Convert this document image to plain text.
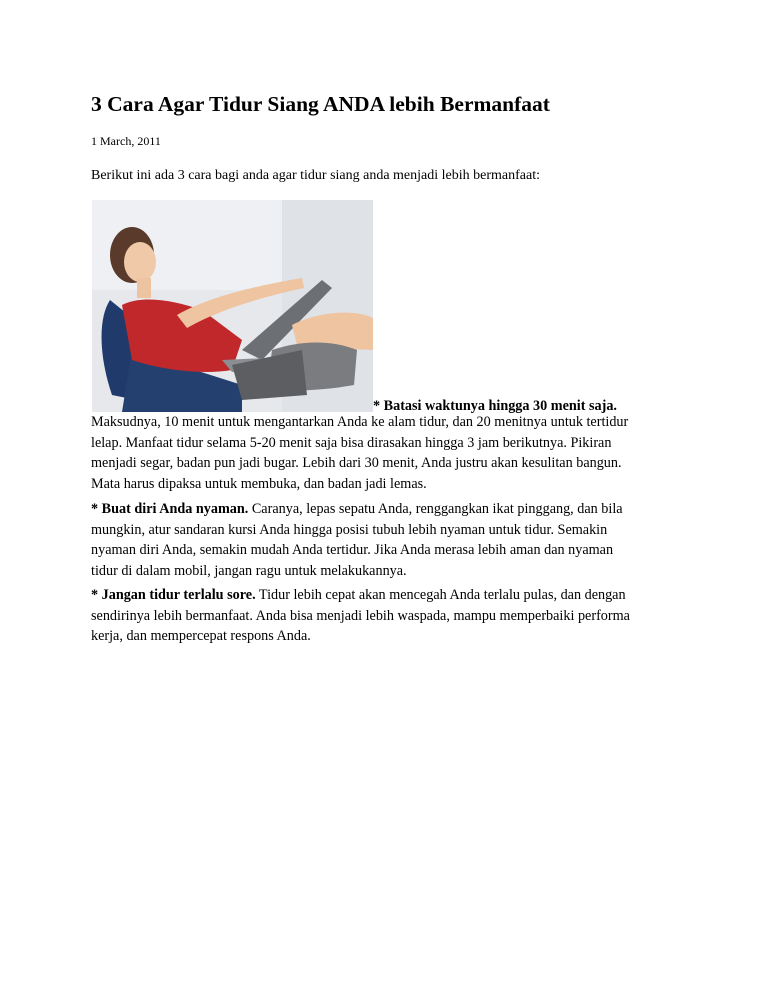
3 Cara Agar Tidur Siang ANDA lebih Bermanfaat
1 March, 2011
Berikut ini ada 3 cara bagi anda agar tidur siang anda menjadi lebih bermanfaat:
* Batasi waktunya hingga 30 menit saja.
Maksudnya, 10 menit untuk mengantarkan Anda ke alam tidur, dan 20 menitnya untuk tertidur
lelap. Manfaat tidur selama 5-20 menit saja bisa dirasakan hingga 3 jam berikutnya. Pikiran
menjadi segar, badan pun jadi bugar. Lebih dari 30 menit, Anda justru akan kesulitan bangun.
Mata harus dipaksa untuk membuka, dan badan jadi lemas.
* Buat diri Anda nyaman. Caranya, lepas sepatu Anda, renggangkan ikat pinggang, dan bila
mungkin, atur sandaran kursi Anda hingga posisi tubuh lebih nyaman untuk tidur. Semakin
nyaman diri Anda, semakin mudah Anda tertidur. Jika Anda merasa lebih aman dan nyaman
tidur di dalam mobil, jangan ragu untuk melakukannya.
* Jangan tidur terlalu sore. Tidur lebih cepat akan mencegah Anda terlalu pulas, dan dengan
sendirinya lebih bermanfaat. Anda bisa menjadi lebih waspada, mampu memperbaiki performa
kerja, dan mempercepat respons Anda.
